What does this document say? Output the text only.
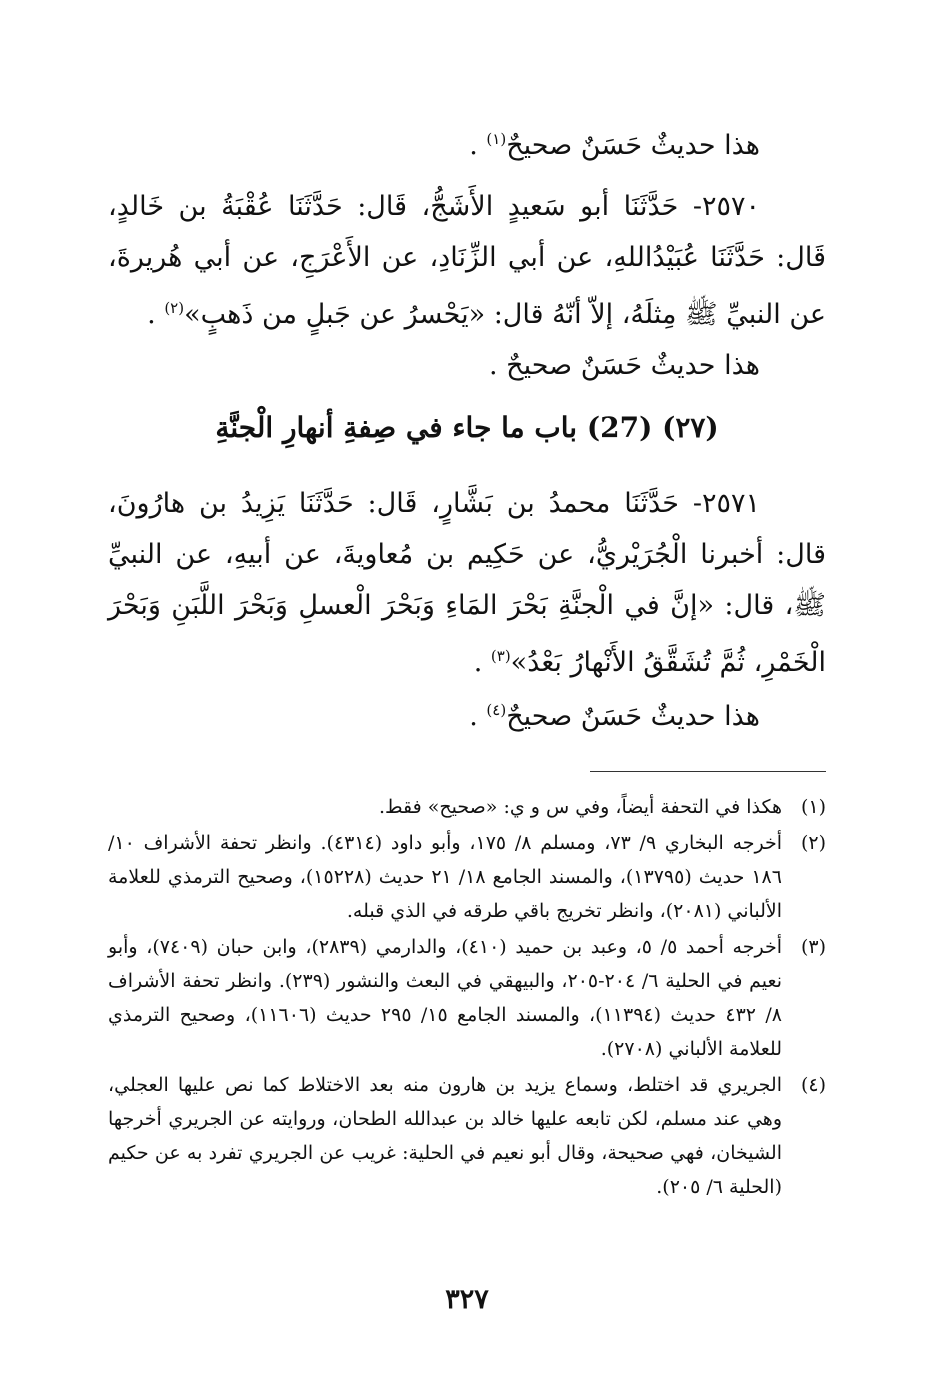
هذا حديثٌ حَسَنٌ صحيحٌ$^{(١)}$ .

٢٥٧٠- حَدَّثَنَا أبو سَعيدٍ الأَشَجُّ، قَال: حَدَّثَنَا عُقْبَةُ بن خَالدٍ، قَال: حَدَّثَنَا عُبَيْدُاللهِ، عن أبي الزِّنَادِ، عن الأَعْرَجِ، عن أبي هُريرةَ، عن النبيِّ ﷺ مِثلَهُ، إلاّ أنّهُ قال: «يَحْسرُ عن جَبلٍ من ذَهبٍ»$^{(٢)}$ .

هذا حديثٌ حَسَنٌ صحيحٌ .

(٢٧) (27) باب ما جاء في صِفةِ أنهارِ الْجنَّةِ

٢٥٧١- حَدَّثَنَا محمدُ بن بَشَّارٍ، قَال: حَدَّثَنَا يَزِيدُ بن هارُونَ، قال: أخبرنا الْجُرَيْريُّ، عن حَكِيم بن مُعاويةَ، عن أبيهِ، عن النبيِّ ﷺ، قال: «إنَّ في الْجنَّةِ بَحْرَ المَاءِ وَبَحْرَ الْعسلِ وَبَحْرَ اللَّبَنِ وَبَحْرَ الْخَمْرِ، ثُمَّ تُشَقَّقُ الأَنْهارُ بَعْدُ»$^{(٣)}$ .

هذا حديثٌ حَسَنٌ صحيحٌ$^{(٤)}$ .

(١)
هكذا في التحفة أيضاً، وفي س و ي: «صحيح» فقط.
(٢)
أخرجه البخاري ٩/ ٧٣، ومسلم ٨/ ١٧٥، وأبو داود (٤٣١٤). وانظر تحفة الأشراف ١٠/ ١٨٦ حديث (١٣٧٩٥)، والمسند الجامع ١٨/ ٢١ حديث (١٥٢٢٨)، وصحيح الترمذي للعلامة الألباني (٢٠٨١)، وانظر تخريج باقي طرقه في الذي قبله.
(٣)
أخرجه أحمد ٥/ ٥، وعبد بن حميد (٤١٠)، والدارمي (٢٨٣٩)، وابن حبان (٧٤٠٩)، وأبو نعيم في الحلية ٦/ ٢٠٤-٢٠٥، والبيهقي في البعث والنشور (٢٣٩). وانظر تحفة الأشراف ٨/ ٤٣٢ حديث (١١٣٩٤)، والمسند الجامع ١٥/ ٢٩٥ حديث (١١٦٠٦)، وصحيح الترمذي للعلامة الألباني (٢٧٠٨).
(٤)
الجريري قد اختلط، وسماع يزيد بن هارون منه بعد الاختلاط كما نص عليها العجلي، وهي عند مسلم، لكن تابعه عليها خالد بن عبدالله الطحان، وروايته عن الجريري أخرجها الشيخان، فهي صحيحة، وقال أبو نعيم في الحلية: غريب عن الجريري تفرد به عن حكيم (الحلية ٦/ ٢٠٥).
٣٢٧
